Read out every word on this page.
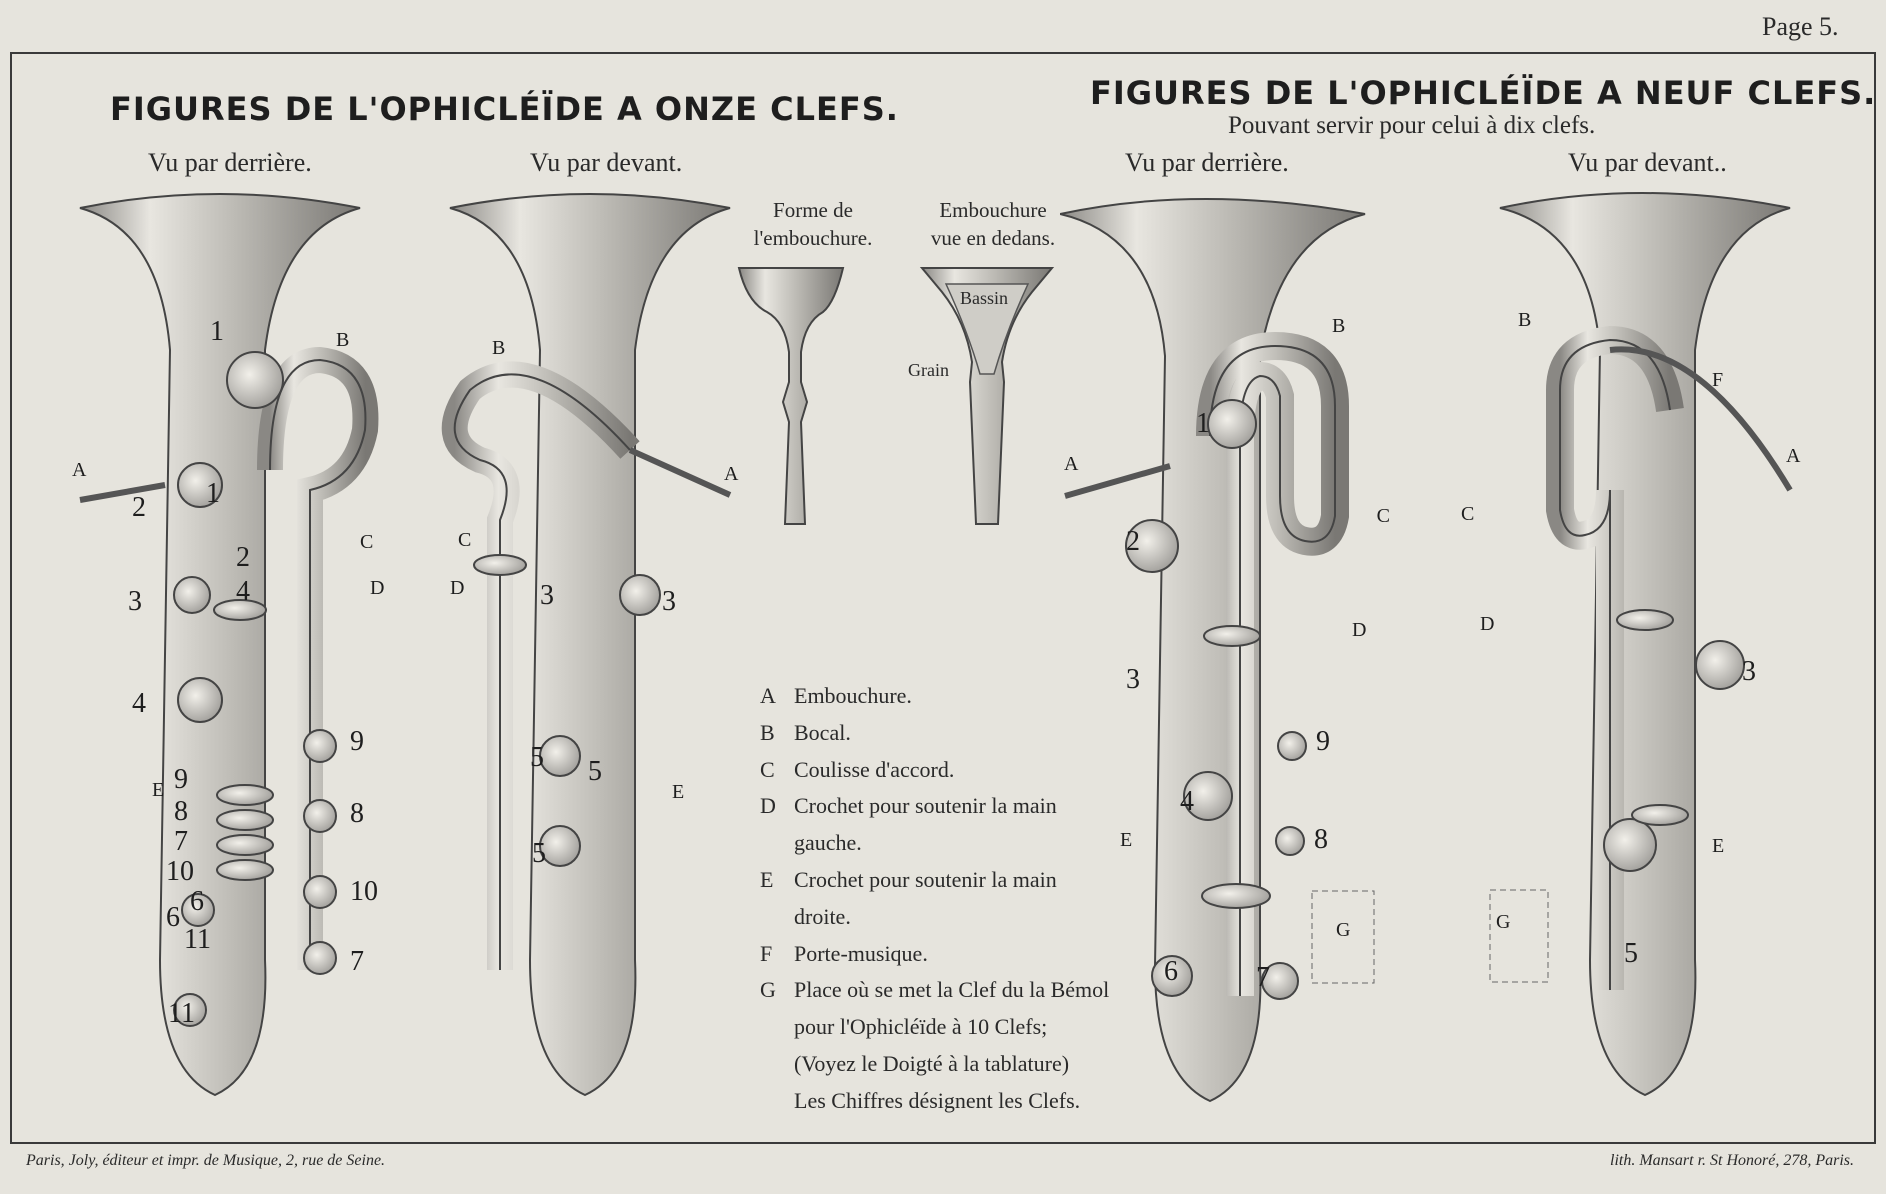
Page 5.
FIGURES DE L'OPHICLÉÏDE A ONZE CLEFS.	FIGURES DE L'OPHICLÉÏDE A NEUF CLEFS.
Pouvant servir pour celui à dix clefs.
Vu par derrière.	Vu par devant.	Vu par derrière.	Vu par devant..
1
1
2
2
3	4
4
9
8
10
7
9
8
7
10
6
6
11
11
A
B
C
D
E
3	3
5 5
5
B
A
C
D
E
Forme de
l'embouchure.
Embouchure
vue en dedans.
Bassin
Grain
1
2
3
4
9
8
6	7
A
B
C
D
E
G
3
5
B
F
A
C
D
E
G
A Embouchure.
B Bocal.
C Coulisse d'accord.
D Crochet pour soutenir la main
gauche.
E Crochet pour soutenir la main
droite.
F Porte-musique.
G Place où se met la Clef du la Bémol
pour l'Ophicléïde à 10 Clefs;
(Voyez le Doigté à la tablature)
Les Chiffres désignent les Clefs.
Paris, Joly, éditeur et impr. de Musique, 2, rue de Seine.	lith. Mansart r. St Honoré, 278, Paris.
